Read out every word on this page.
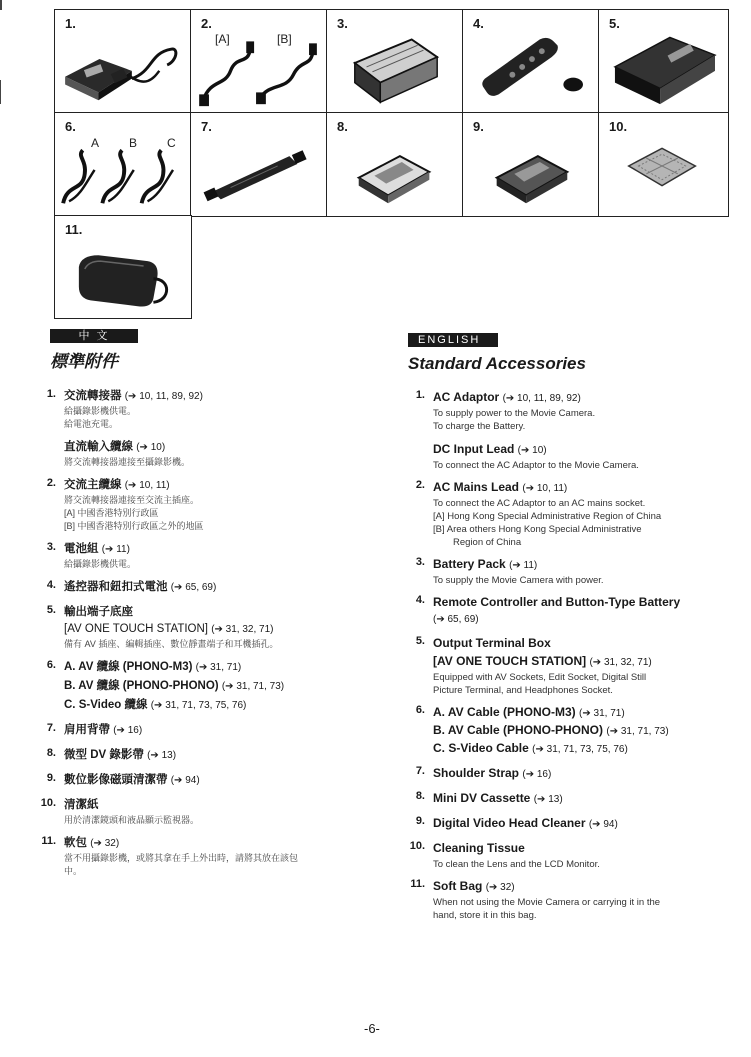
1.	2.
[A]	[B]
3.	4.	5.
6.
A B C
7.	8.	9.	10.
11.
中 文
標準附件
1. 交流轉接器 (➔ 10, 11, 89, 92)
給攝錄影機供電。
給電池充電。
直流輸入纜線 (➔ 10)
將交流轉接器連接至攝錄影機。
2. 交流主纜線 (➔ 10, 11)
將交流轉接器連接至交流主插座。
[A] 中國香港特別行政區
[B] 中國香港特別行政區之外的地區
3. 電池組 (➔ 11)
給攝錄影機供電。
4. 遙控器和鈕扣式電池 (➔ 65, 69)
5. 輸出端子底座
[AV ONE TOUCH STATION] (➔ 31, 32, 71)
備有 AV 插座、編輯插座、數位靜畫端子和耳機插孔。
6. A. AV 纜線 (PHONO-M3) (➔ 31, 71)
B. AV 纜線 (PHONO-PHONO) (➔ 31, 71, 73)
C. S-Video 纜線 (➔ 31, 71, 73, 75, 76)
7. 肩用背帶 (➔ 16)
8. 微型 DV 錄影帶 (➔ 13)
9. 數位影像磁頭清潔帶 (➔ 94)
10. 清潔紙
用於清潔鏡頭和液晶顯示監視器。
11. 軟包 (➔ 32)
當不用攝錄影機，或將其拿在手上外出時，請將其放在該包
中。
ENGLISH
Standard Accessories
1. AC Adaptor (➔ 10, 11, 89, 92)
To supply power to the Movie Camera.
To charge the Battery.
DC Input Lead (➔ 10)
To connect the AC Adaptor to the Movie Camera.
2. AC Mains Lead (➔ 10, 11)
To connect the AC Adaptor to an AC mains socket.
[A] Hong Kong Special Administrative Region of China
[B] Area others Hong Kong Special Administrative
Region of China
3. Battery Pack (➔ 11)
To supply the Movie Camera with power.
4. Remote Controller and Button-Type Battery
(➔ 65, 69)
5. Output Terminal Box
[AV ONE TOUCH STATION] (➔ 31, 32, 71)
Equipped with AV Sockets, Edit Socket, Digital Still
Picture Terminal, and Headphones Socket.
6. A. AV Cable (PHONO-M3) (➔ 31, 71)
B. AV Cable (PHONO-PHONO) (➔ 31, 71, 73)
C. S-Video Cable (➔ 31, 71, 73, 75, 76)
7. Shoulder Strap (➔ 16)
8. Mini DV Cassette (➔ 13)
9. Digital Video Head Cleaner (➔ 94)
10. Cleaning Tissue
To clean the Lens and the LCD Monitor.
11. Soft Bag (➔ 32)
When not using the Movie Camera or carrying it in the
hand, store it in this bag.
-6-
